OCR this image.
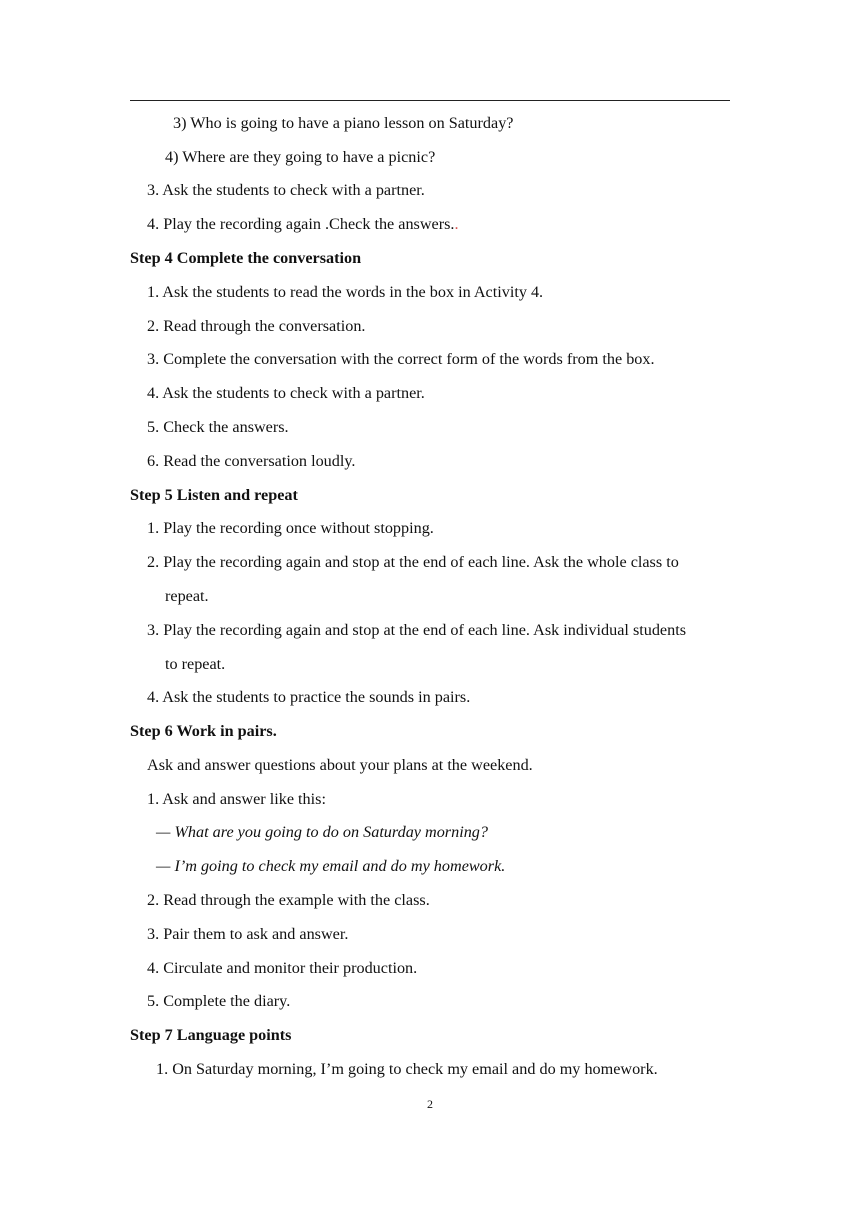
3) Who is going to have a piano lesson on Saturday?
4) Where are they going to have a picnic?
3. Ask the students to check with a partner.
4. Play the recording again .Check the answers..
Step 4 Complete the conversation
1. Ask the students to read the words in the box in Activity 4.
2. Read through the conversation.
3. Complete the conversation with the correct form of the words from the box.
4. Ask the students to check with a partner.
5. Check the answers.
6. Read the conversation loudly.
Step 5 Listen and repeat
1. Play the recording once without stopping.
2. Play the recording again and stop at the end of each line. Ask the whole class to
repeat.
3. Play the recording again and stop at the end of each line. Ask individual students
to repeat.
4. Ask the students to practice the sounds in pairs.
Step 6 Work in pairs.
Ask and answer questions about your plans at the weekend.
1. Ask and answer like this:
— What are you going to do on Saturday morning?
— I’m going to check my email and do my homework.
2. Read through the example with the class.
3. Pair them to ask and answer.
4. Circulate and monitor their production.
5. Complete the diary.
Step 7 Language points
1. On Saturday morning, I’m going to check my email and do my homework.
2
